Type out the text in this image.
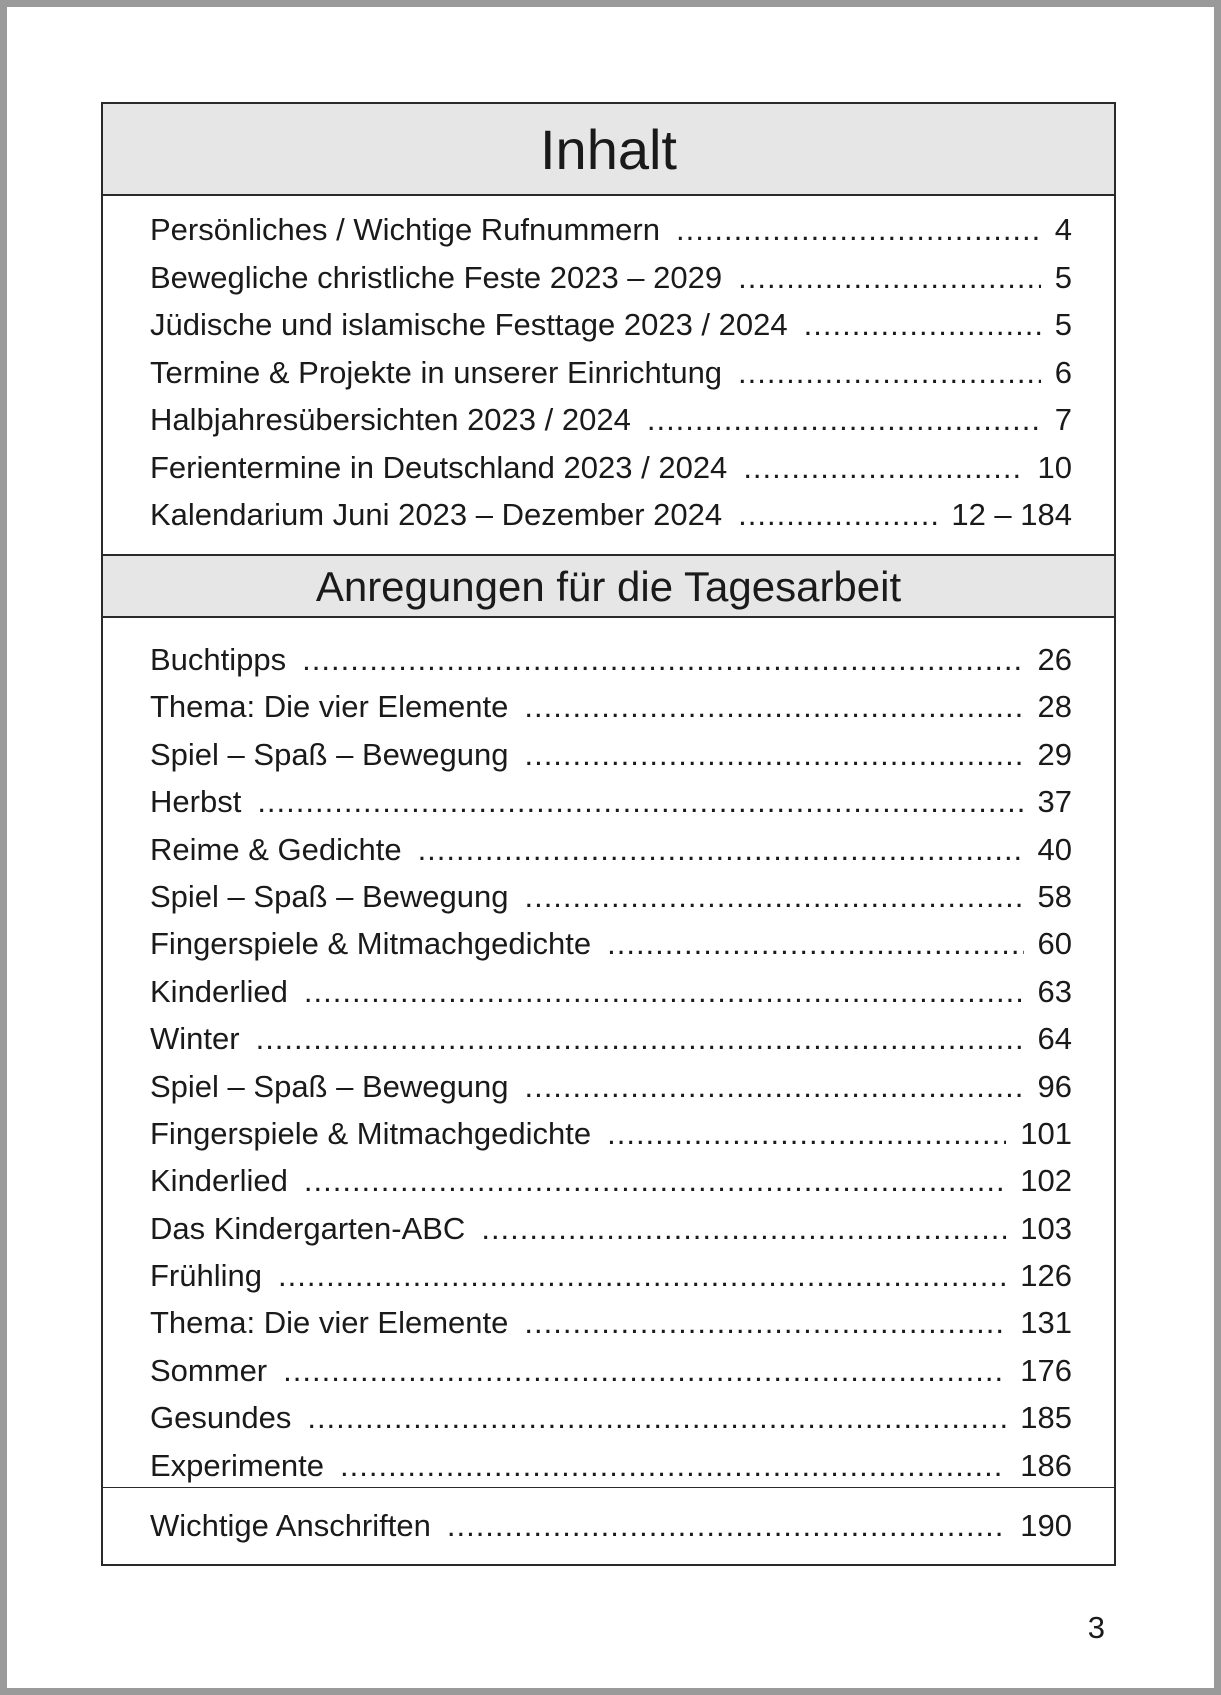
Inhalt
Persönliches / Wichtige Rufnummern .....	4
Bewegliche christliche Feste 2023 – 2029 .....	5
Jüdische und islamische Festtage 2023 / 2024 .....	5
Termine & Projekte in unserer Einrichtung .....	6
Halbjahresübersichten 2023 / 2024 .....	7
Ferientermine in Deutschland 2023 / 2024 .....	10
Kalendarium Juni 2023 – Dezember 2024 .....	12 – 184
Anregungen für die Tagesarbeit
Buchtipps .....	26
Thema: Die vier Elemente .....	28
Spiel – Spaß – Bewegung .....	29
Herbst .....	37
Reime & Gedichte .....	40
Spiel – Spaß – Bewegung .....	58
Fingerspiele & Mitmachgedichte .....	60
Kinderlied .....	63
Winter .....	64
Spiel – Spaß – Bewegung .....	96
Fingerspiele & Mitmachgedichte .....	101
Kinderlied .....	102
Das Kindergarten-ABC .....	103
Frühling .....	126
Thema: Die vier Elemente .....	131
Sommer .....	176
Gesundes .....	185
Experimente .....	186
Wichtige Anschriften .....	190
3
